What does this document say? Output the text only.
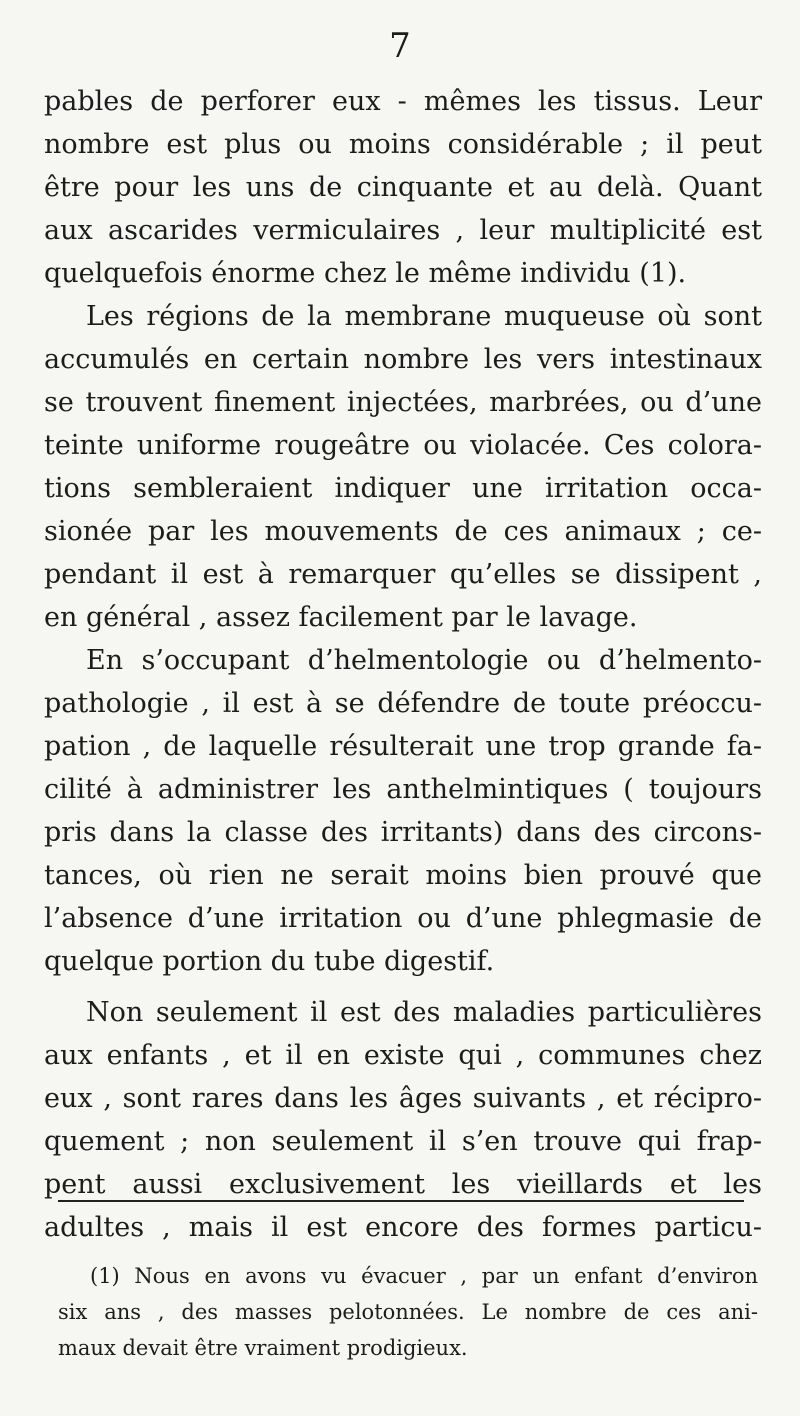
7
pables de perforer eux - mêmes les tissus. Leur
nombre est plus ou moins considérable ; il peut
être pour les uns de cinquante et au delà. Quant
aux ascarides vermiculaires , leur multiplicité est
quelquefois énorme chez le même individu (1).
Les régions de la membrane muqueuse où sont
accumulés en certain nombre les vers intestinaux
se trouvent finement injectées, marbrées, ou d’une
teinte uniforme rougeâtre ou violacée. Ces colora-
tions sembleraient indiquer une irritation occa-
sionée par les mouvements de ces animaux ; ce-
pendant il est à remarquer qu’elles se dissipent ,
en général , assez facilement par le lavage.
En s’occupant d’helmentologie ou d’helmento-
pathologie , il est à se défendre de toute préoccu-
pation , de laquelle résulterait une trop grande fa-
cilité à administrer les anthelmintiques ( toujours
pris dans la classe des irritants) dans des circons-
tances, où rien ne serait moins bien prouvé que
l’absence d’une irritation ou d’une phlegmasie de
quelque portion du tube digestif.
Non seulement il est des maladies particulières
aux enfants , et il en existe qui , communes chez
eux , sont rares dans les âges suivants , et récipro-
quement ; non seulement il s’en trouve qui frap-
pent aussi exclusivement les vieillards et les
adultes , mais il est encore des formes particu-
(1) Nous en avons vu évacuer , par un enfant d’environ
six ans , des masses pelotonnées. Le nombre de ces ani-
maux devait être vraiment prodigieux.
